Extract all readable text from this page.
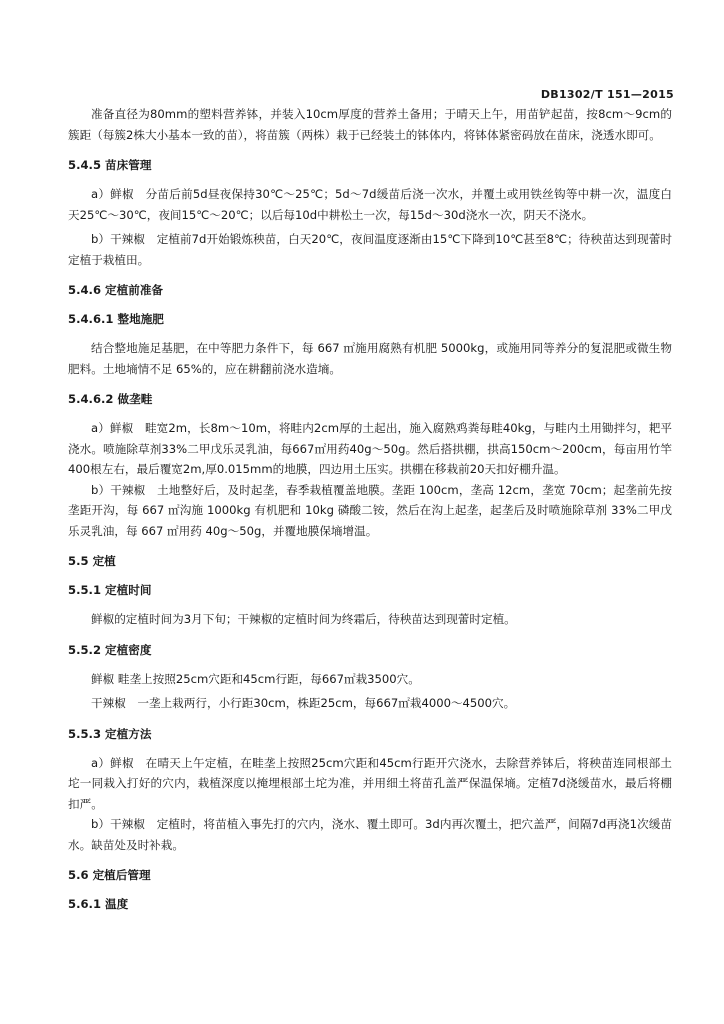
DB1302/T 151—2015

准备直径为80mm的塑料营养钵，并装入10cm厚度的营养土备用；于晴天上午，用苗铲起苗，按8cm～9cm的簇距（每簇2株大小基本一致的苗），将苗簇（两株）栽于已经装土的钵体内，将钵体紧密码放在苗床，浇透水即可。

5.4.5 苗床管理

a）鲜椒　分苗后前5d昼夜保持30℃～25℃；5d～7d缓苗后浇一次水，并覆土或用铁丝钩等中耕一次，温度白天25℃～30℃，夜间15℃～20℃；以后每10d中耕松土一次，每15d～30d浇水一次，阴天不浇水。

b）干辣椒　定植前7d开始锻炼秧苗，白天20℃，夜间温度逐渐由15℃下降到10℃甚至8℃；待秧苗达到现蕾时定植于栽植田。

5.4.6 定植前准备

5.4.6.1 整地施肥

结合整地施足基肥，在中等肥力条件下，每 667 ㎡施用腐熟有机肥 5000kg，或施用同等养分的复混肥或微生物肥料。土地墒情不足 65%的，应在耕翻前浇水造墒。

5.4.6.2 做垄畦

a）鲜椒　畦宽2m，长8m～10m，将畦内2cm厚的土起出，施入腐熟鸡粪每畦40kg，与畦内土用锄拌匀，耙平浇水。喷施除草剂33%二甲戊乐灵乳油，每667㎡用药40g～50g。然后搭拱棚，拱高150cm～200cm，每亩用竹竿400根左右，最后覆宽2m,厚0.015mm的地膜，四边用土压实。拱棚在移栽前20天扣好棚升温。

b）干辣椒　土地整好后，及时起垄，春季栽植覆盖地膜。垄距 100cm，垄高 12cm，垄宽 70cm；起垄前先按垄距开沟，每 667 ㎡沟施 1000kg 有机肥和 10kg 磷酸二铵，然后在沟上起垄，起垄后及时喷施除草剂 33%二甲戊乐灵乳油，每 667 ㎡用药 40g～50g，并覆地膜保墒增温。

5.5 定植

5.5.1 定植时间

鲜椒的定植时间为3月下旬；干辣椒的定植时间为终霜后，待秧苗达到现蕾时定植。

5.5.2 定植密度

鲜椒 畦垄上按照25cm穴距和45cm行距，每667㎡栽3500穴。

干辣椒　一垄上栽两行，小行距30cm，株距25cm，每667㎡栽4000～4500穴。

5.5.3 定植方法

a）鲜椒　在晴天上午定植，在畦垄上按照25cm穴距和45cm行距开穴浇水，去除营养钵后，将秧苗连同根部土坨一同栽入打好的穴内，栽植深度以掩埋根部土坨为准，并用细土将苗孔盖严保温保墒。定植7d浇缓苗水，最后将棚扣严。

b）干辣椒　定植时，将苗植入事先打的穴内，浇水、覆土即可。3d内再次覆土，把穴盖严，间隔7d再浇1次缓苗水。缺苗处及时补栽。

5.6 定植后管理

5.6.1 温度
